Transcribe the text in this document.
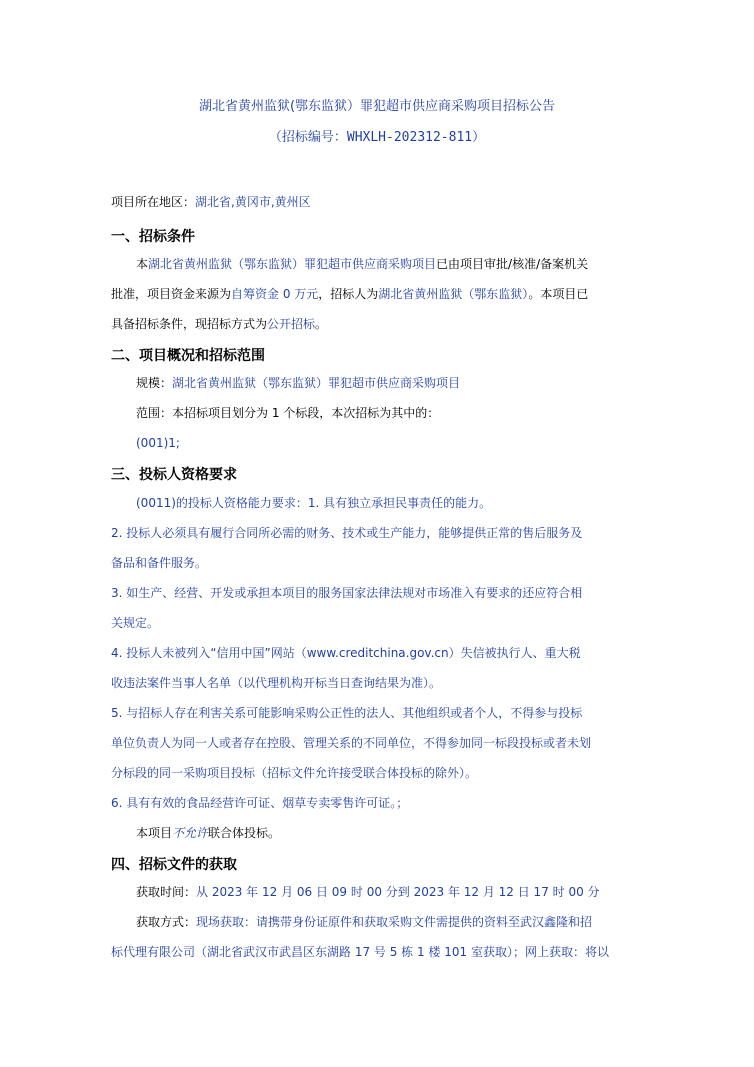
湖北省黄州监狱(鄂东监狱）罪犯超市供应商采购项目招标公告
（招标编号：WHXLH-202312-811）
项目所在地区：湖北省,黄冈市,黄州区
一、招标条件
本湖北省黄州监狱（鄂东监狱）罪犯超市供应商采购项目已由项目审批/核准/备案机关
批准，项目资金来源为自筹资金 0 万元，招标人为湖北省黄州监狱（鄂东监狱）。本项目已
具备招标条件，现招标方式为公开招标。
二、项目概况和招标范围
规模：湖北省黄州监狱（鄂东监狱）罪犯超市供应商采购项目
范围：本招标项目划分为 1 个标段，本次招标为其中的：
(001)1;
三、投标人资格要求
(0011)的投标人资格能力要求：1. 具有独立承担民事责任的能力。
2. 投标人必须具有履行合同所必需的财务、技术或生产能力，能够提供正常的售后服务及
备品和备件服务。
3. 如生产、经营、开发或承担本项目的服务国家法律法规对市场准入有要求的还应符合相
关规定。
4. 投标人未被列入“信用中国”网站（www.creditchina.gov.cn）失信被执行人、重大税
收违法案件当事人名单（以代理机构开标当日查询结果为准）。
5. 与招标人存在利害关系可能影响采购公正性的法人、其他组织或者个人，不得参与投标
单位负责人为同一人或者存在控股、管理关系的不同单位，不得参加同一标段投标或者未划
分标段的同一采购项目投标（招标文件允许接受联合体投标的除外）。
6. 具有有效的食品经营许可证、烟草专卖零售许可证。；
本项目不允许联合体投标。
四、招标文件的获取
获取时间：从 2023 年 12 月 06 日 09 时 00 分到 2023 年 12 月 12 日 17 时 00 分
获取方式：现场获取：请携带身份证原件和获取采购文件需提供的资料至武汉鑫隆和招
标代理有限公司（湖北省武汉市武昌区东湖路 17 号 5 栋 1 楼 101 室获取）；网上获取：将以
